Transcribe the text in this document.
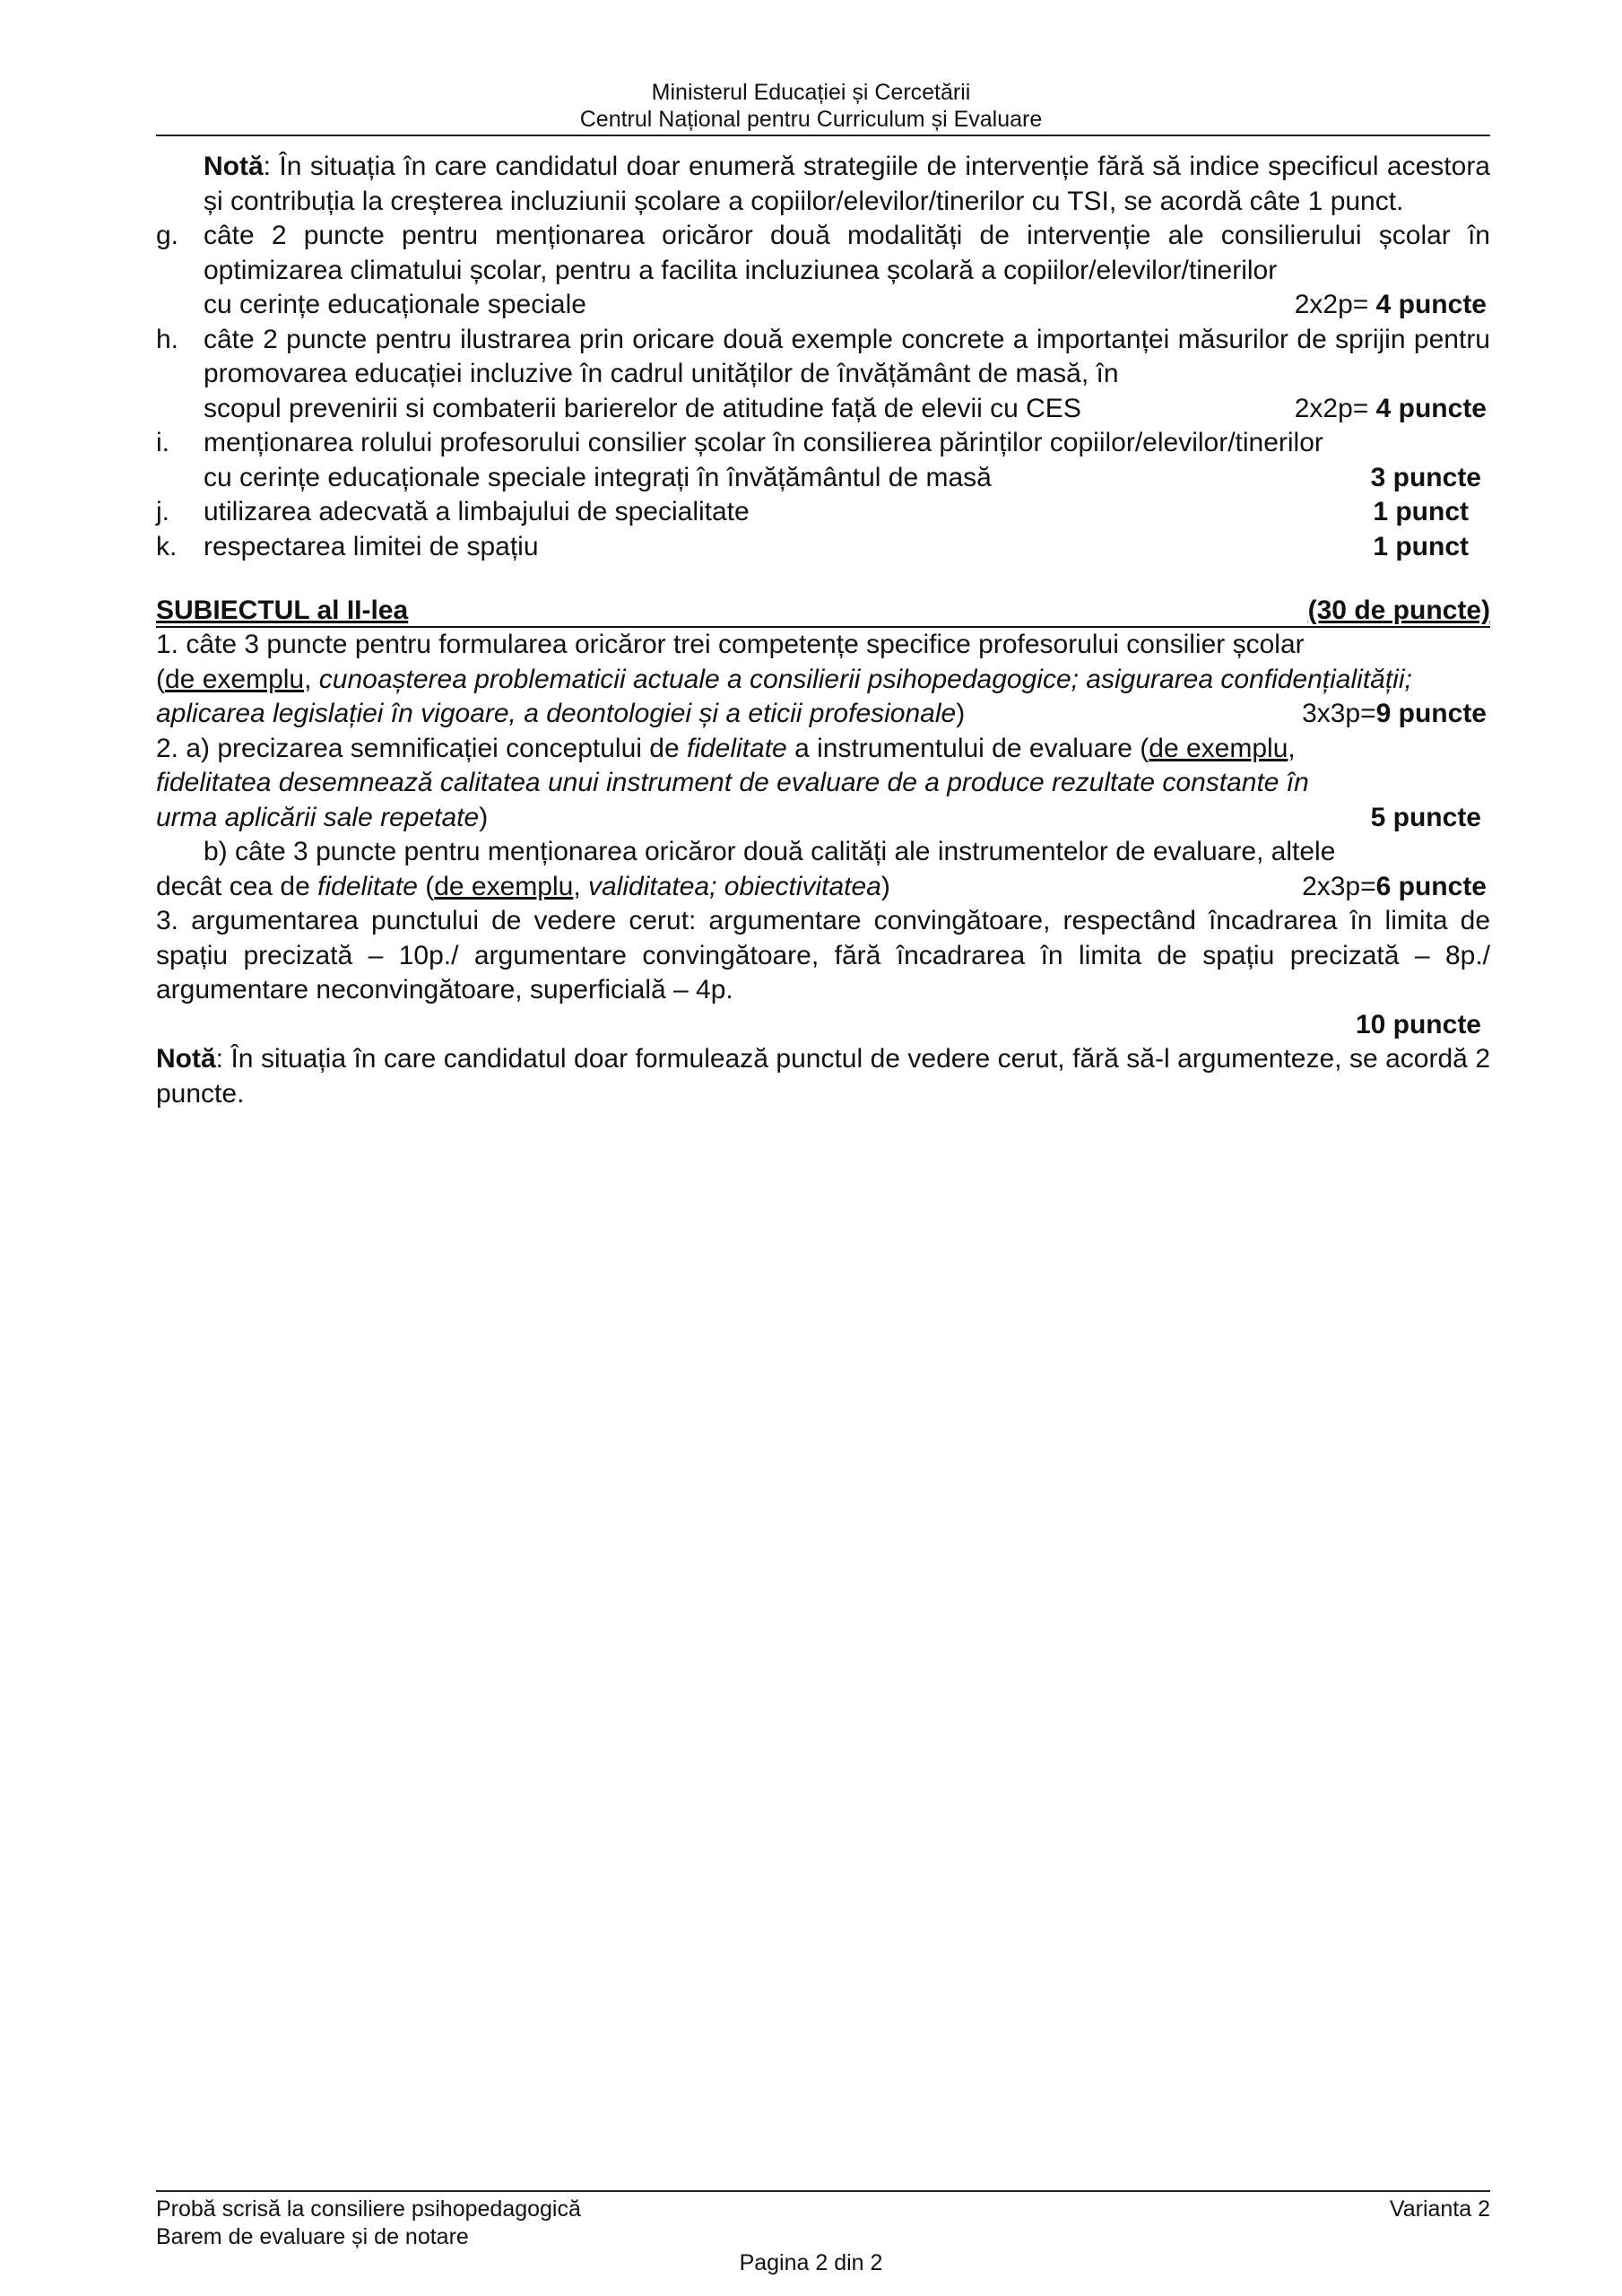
Ministerul Educației și Cercetării
Centrul Național pentru Curriculum și Evaluare
Notă: În situația în care candidatul doar enumeră strategiile de intervenție fără să indice specificul acestora și contribuția la creșterea incluziunii școlare a copiilor/elevilor/tinerilor cu TSI, se acordă câte 1 punct.
g. câte 2 puncte pentru menționarea oricăror două modalități de intervenție ale consilierului școlar în optimizarea climatului școlar, pentru a facilita incluziunea școlară a copiilor/elevilor/tinerilor
cu cerințe educaționale speciale	2x2p= 4 puncte
h. câte 2 puncte pentru ilustrarea prin oricare două exemple concrete a importanței măsurilor de sprijin pentru promovarea educației incluzive în cadrul unităților de învățământ de masă, în
scopul prevenirii si combaterii barierelor de atitudine față de elevii cu CES	2x2p= 4 puncte
i.	menționarea rolului profesorului consilier școlar în consilierea părinților copiilor/elevilor/tinerilor
cu cerințe educaționale speciale integrați în învățământul de masă	3 puncte
j.	utilizarea adecvată a limbajului de specialitate	1 punct
k. respectarea limitei de spațiu	1 punct
SUBIECTUL al II-lea	(30 de puncte)
1. câte 3 puncte pentru formularea oricăror trei competențe specifice profesorului consilier școlar
(de exemplu, cunoașterea problematicii actuale a consilierii psihopedagogice; asigurarea confidențialității;
aplicarea legislației în vigoare, a deontologiei și a eticii profesionale)	3x3p=9 puncte
2. a) precizarea semnificației conceptului de fidelitate a instrumentului de evaluare (de exemplu,
fidelitatea desemnează calitatea unui instrument de evaluare de a produce rezultate constante în
urma aplicării sale repetate)	5 puncte
b) câte 3 puncte pentru menționarea oricăror două calități ale instrumentelor de evaluare, altele
decât cea de fidelitate (de exemplu, validitatea; obiectivitatea)	2x3p=6 puncte
3. argumentarea punctului de vedere cerut: argumentare convingătoare, respectând încadrarea în limita de spațiu precizată – 10p./ argumentare convingătoare, fără încadrarea în limita de spațiu precizată – 8p./ argumentare neconvingătoare, superficială – 4p.
10 puncte
Notă: În situația în care candidatul doar formulează punctul de vedere cerut, fără să-l argumenteze, se acordă 2 puncte.
Probă scrisă la consiliere psihopedagogică	Varianta 2
Barem de evaluare și de notare
Pagina 2 din 2
